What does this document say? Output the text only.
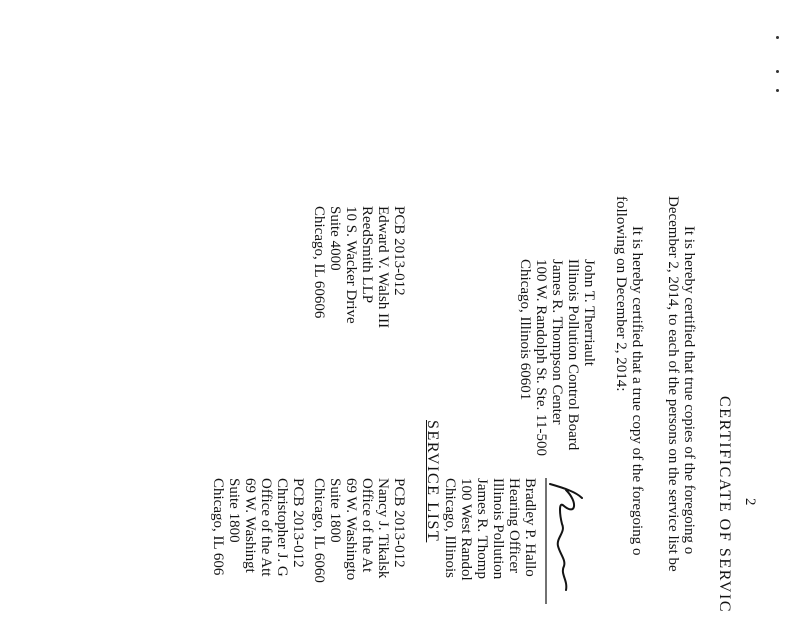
2
CERTIFICATE OF SERVIC
It is hereby certified that true copies of the foregoing o
December 2, 2014, to each of the persons on the service list be
It is hereby certified that a true copy of the foregoing o
following on December 2, 2014:
John T. Therriault
Illinois Pollution Control Board
James R. Thompson Center
100 W. Randolph St. Ste. 11-500
Chicago, Illinois 60601
Bradley P. Hallo
Hearing Officer
Illinois Pollution
James R. Thomp
100 West Randol
Chicago, Illinois
SERVICE LIST
PCB 2013-012
Edward V. Walsh III
ReedSmith LLP
10 S. Wacker Drive
Suite 4000
Chicago, IL 60606
PCB 2013-012
Nancy J. Tikalsk
Office of the At
69 W. Washingto
Suite 1800
Chicago, IL 6060
PCB 2013-012
Christopher J. G
Office of the Att
69 W. Washingt
Suite 1800
Chicago, IL 606
